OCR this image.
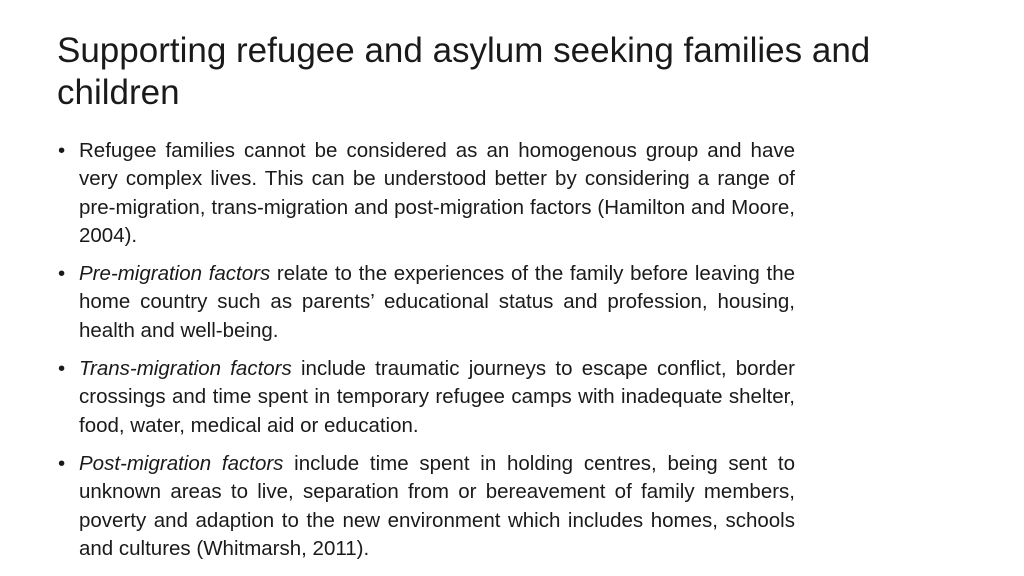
Supporting refugee and asylum seeking families and children
• Refugee families cannot be considered as an homogenous group and have very complex lives. This can be understood better by considering a range of pre-migration, trans-migration and post-migration factors (Hamilton and Moore, 2004).
• Pre-migration factors relate to the experiences of the family before leaving the home country such as parents’ educational status and profession, housing, health and well-being.
• Trans-migration factors include traumatic journeys to escape conflict, border crossings and time spent in temporary refugee camps with inadequate shelter, food, water, medical aid or education.
• Post-migration factors include time spent in holding centres, being sent to unknown areas to live, separation from or bereavement of family members, poverty and adaption to the new environment which includes homes, schools and cultures (Whitmarsh, 2011).
